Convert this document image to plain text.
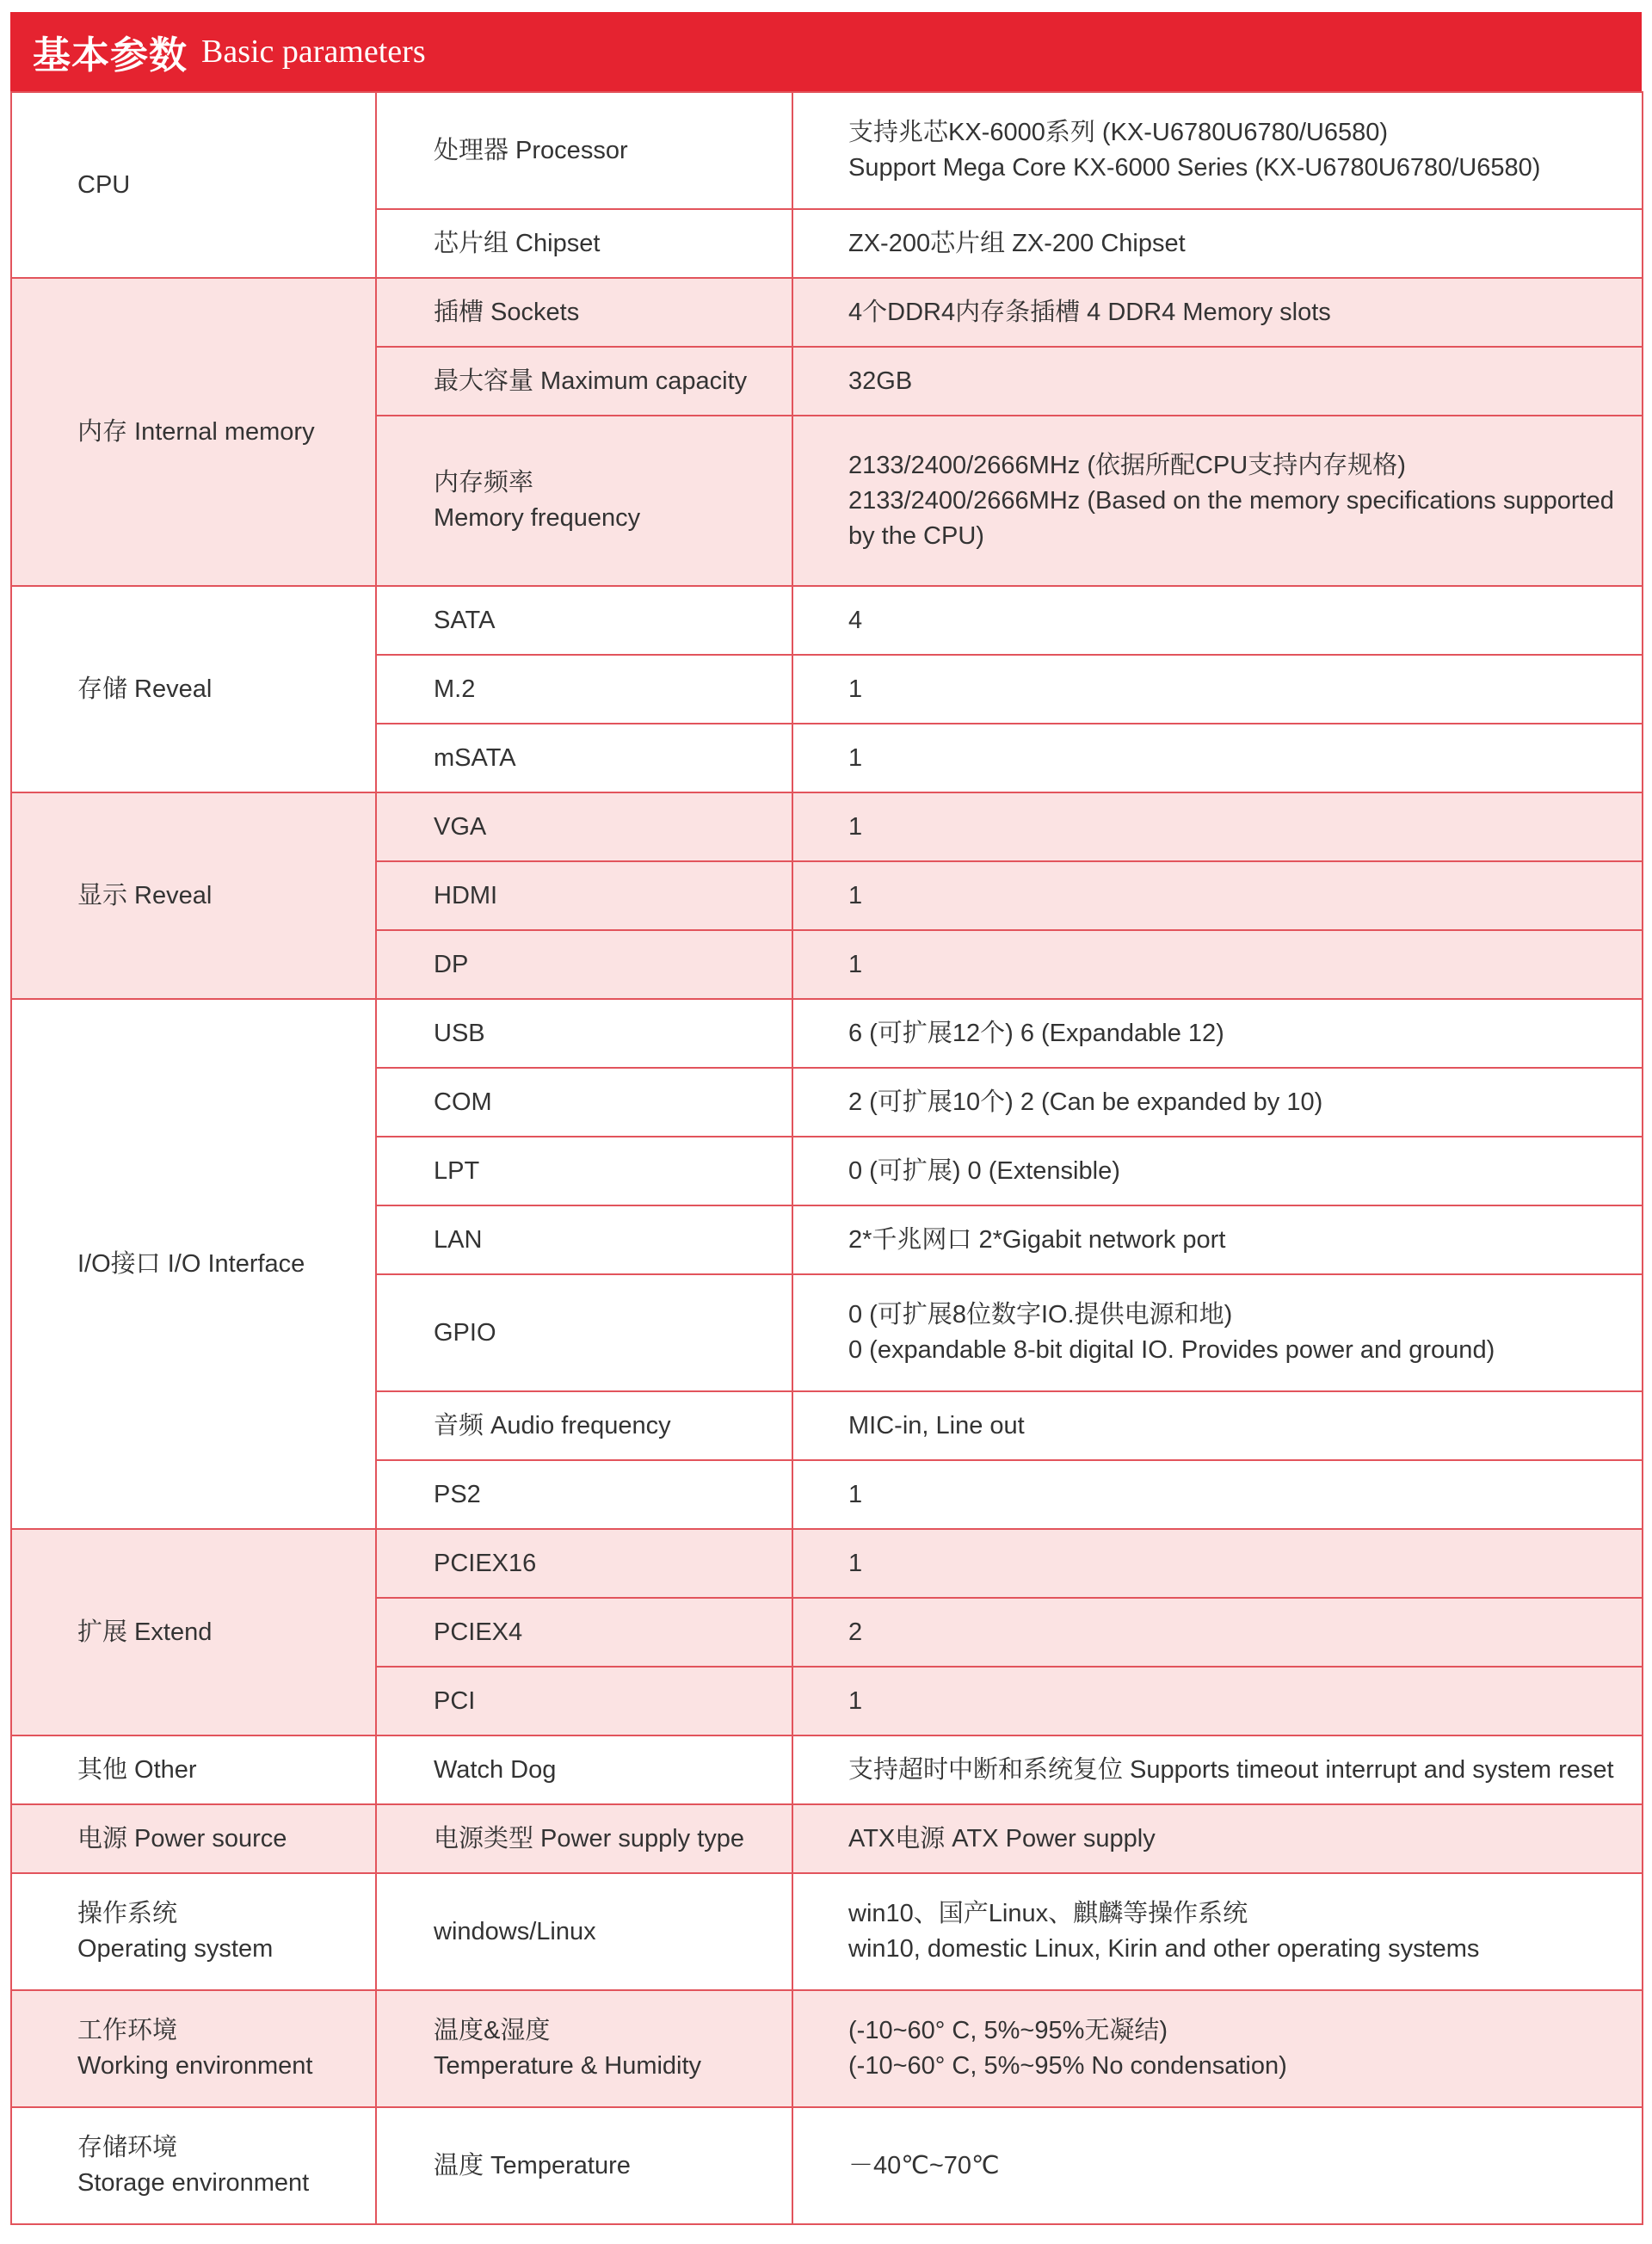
基本参数 Basic parameters
CPU	处理器 Processor	支持兆芯KX-6000系列 (KX-U6780U6780/U6580)
Support Mega Core KX-6000 Series (KX-U6780U6780/U6580)

	芯片组 Chipset	ZX-200芯片组 ZX-200 Chipset

内存 Internal memory	插槽 Sockets	4个DDR4内存条插槽 4 DDR4 Memory slots

	最大容量 Maximum capacity	32GB

	内存频率
Memory frequency	2133/2400/2666MHz (依据所配CPU支持内存规格)
2133/2400/2666MHz (Based on the memory specifications supported
by the CPU)

存储 Reveal	SATA	4

	M.2	1

	mSATA	1

显示 Reveal	VGA	1

	HDMI	1

	DP	1

I/O接口 I/O Interface	USB	6 (可扩展12个) 6 (Expandable 12)

	COM	2 (可扩展10个) 2 (Can be expanded by 10)

	LPT	0 (可扩展) 0 (Extensible)

	LAN	2*千兆网口 2*Gigabit network port

	GPIO	0 (可扩展8位数字IO.提供电源和地)
0 (expandable 8-bit digital IO. Provides power and ground)

	音频 Audio frequency	MIC-in, Line out

	PS2	1

扩展 Extend	PCIEX16	1

	PCIEX4	2

	PCI	1

其他 Other	Watch Dog	支持超时中断和系统复位 Supports timeout interrupt and system reset

电源 Power source	电源类型 Power supply type	ATX电源 ATX Power supply

操作系统
Operating system	windows/Linux	win10、国产Linux、麒麟等操作系统
win10, domestic Linux, Kirin and other operating systems

工作环境
Working environment	温度&湿度
Temperature & Humidity	(-10~60° C, 5%~95%无凝结)
(-10~60° C, 5%~95% No condensation)

存储环境
Storage environment	温度 Temperature	－40℃~70℃
